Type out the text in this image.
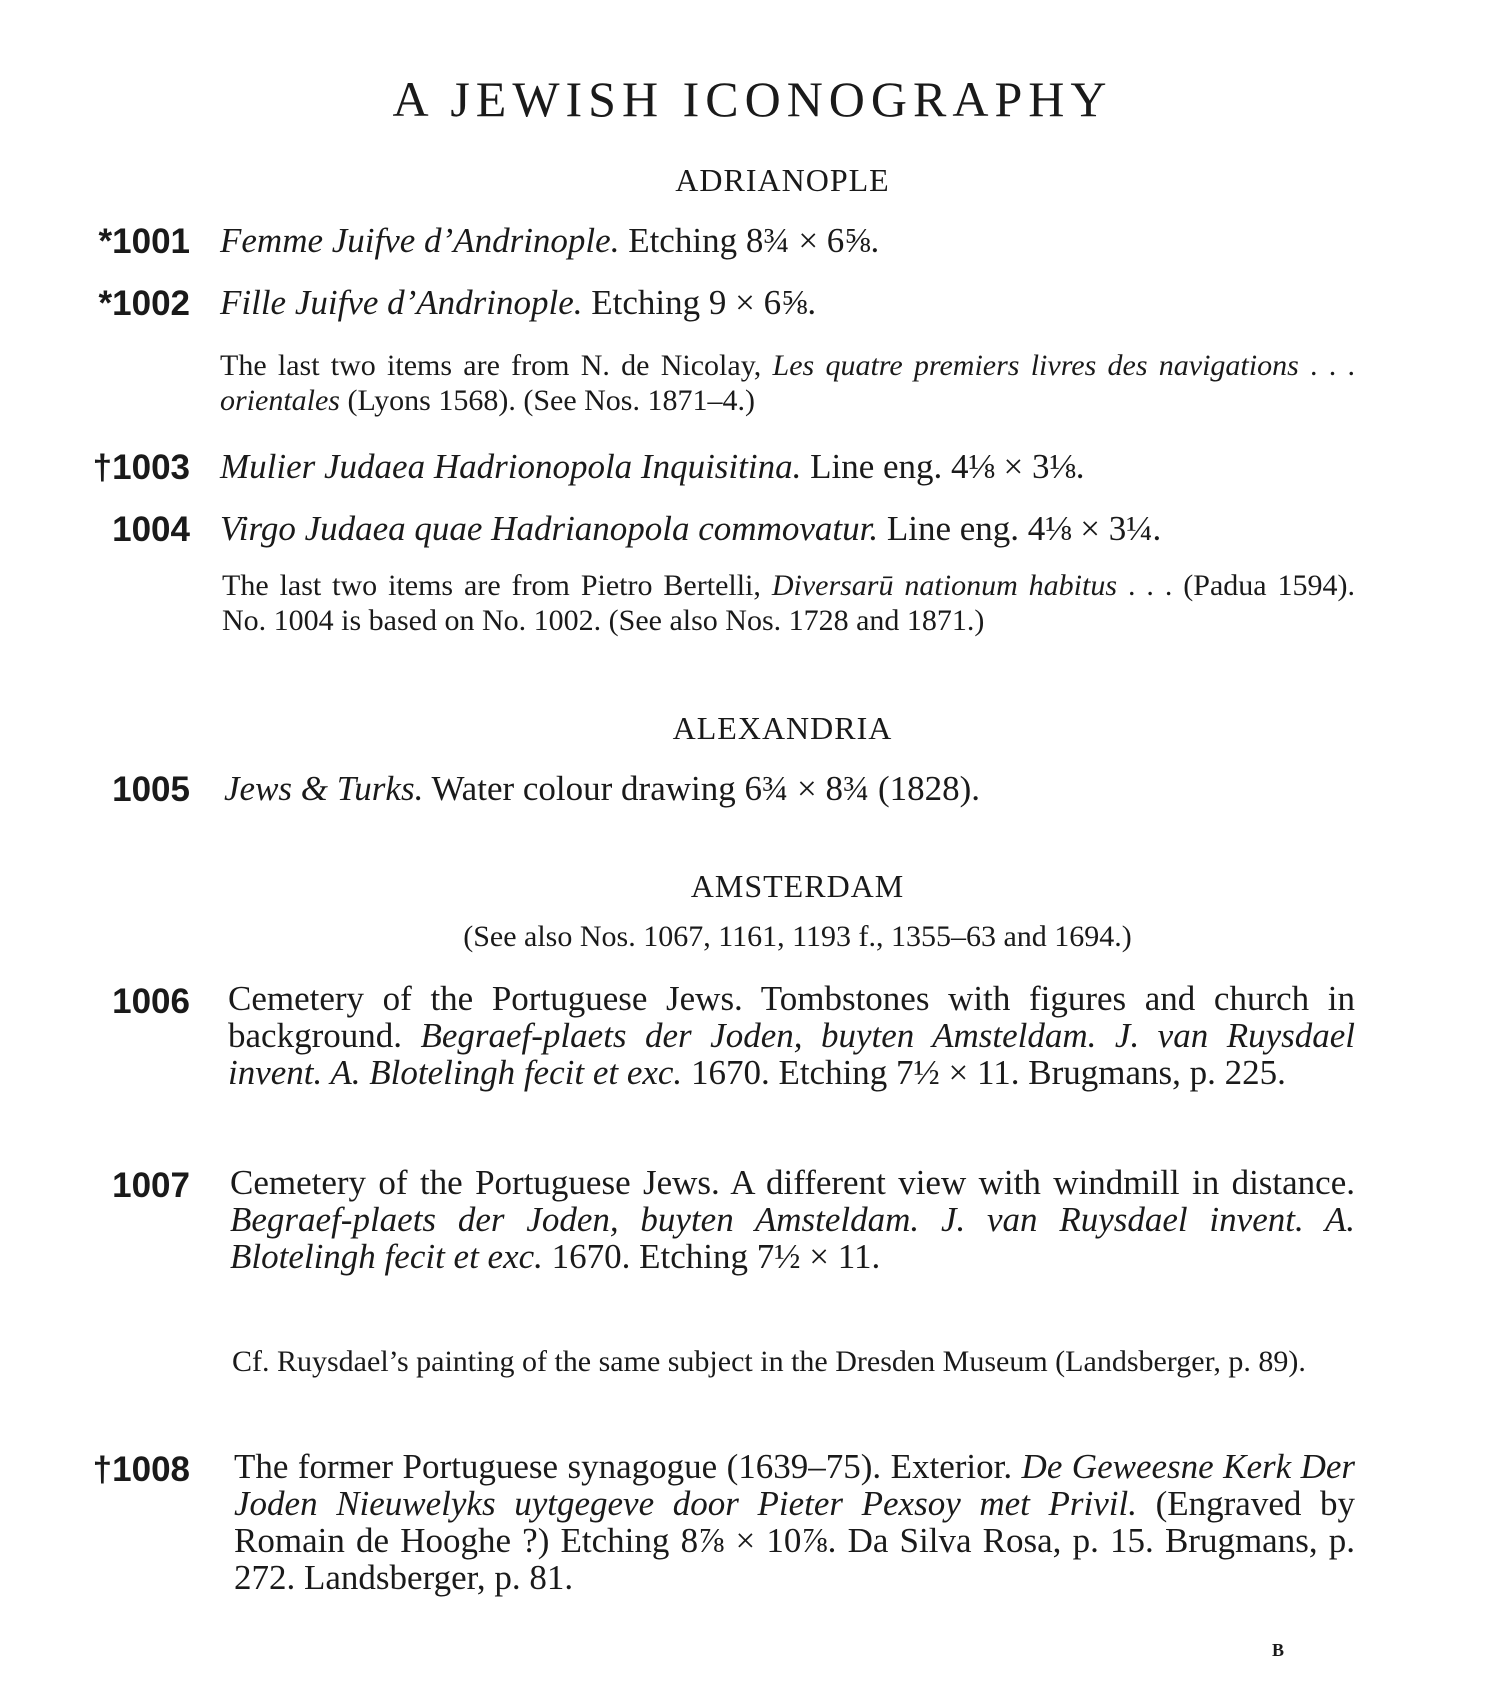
A JEWISH ICONOGRAPHY
ADRIANOPLE
*1001 Femme Juifve d’Andrinople. Etching 8¾ × 6⅝.
*1002 Fille Juifve d’Andrinople. Etching 9 × 6⅝.
The last two items are from N. de Nicolay, Les quatre premiers livres des navigations . . . orientales (Lyons 1568). (See Nos. 1871–4.)
†1003 Mulier Judaea Hadrionopola Inquisitina. Line eng. 4⅛ × 3⅛.
1004 Virgo Judaea quae Hadrianopola commovatur. Line eng. 4⅛ × 3¼.
The last two items are from Pietro Bertelli, Diversarū nationum habitus . . . (Padua 1594). No. 1004 is based on No. 1002. (See also Nos. 1728 and 1871.)
ALEXANDRIA
1005 Jews & Turks. Water colour drawing 6¾ × 8¾ (1828).
AMSTERDAM
(See also Nos. 1067, 1161, 1193 f., 1355–63 and 1694.)
1006 Cemetery of the Portuguese Jews. Tombstones with figures and church in background. Begraef-plaets der Joden, buyten Amsteldam. J. van Ruysdael invent. A. Blotelingh fecit et exc. 1670. Etching 7½ × 11. Brugmans, p. 225.
1007 Cemetery of the Portuguese Jews. A different view with windmill in distance. Begraef-plaets der Joden, buyten Amsteldam. J. van Ruysdael invent. A. Blotelingh fecit et exc. 1670. Etching 7½ × 11.
Cf. Ruysdael’s painting of the same subject in the Dresden Museum (Landsberger, p. 89).
†1008 The former Portuguese synagogue (1639–75). Exterior. De Geweesne Kerk Der Joden Nieuwelyks uytgegeve door Pieter Pexsoy met Privil. (Engraved by Romain de Hooghe ?) Etching 8⅞ × 10⅞. Da Silva Rosa, p. 15. Brugmans, p. 272. Landsberger, p. 81.
B
